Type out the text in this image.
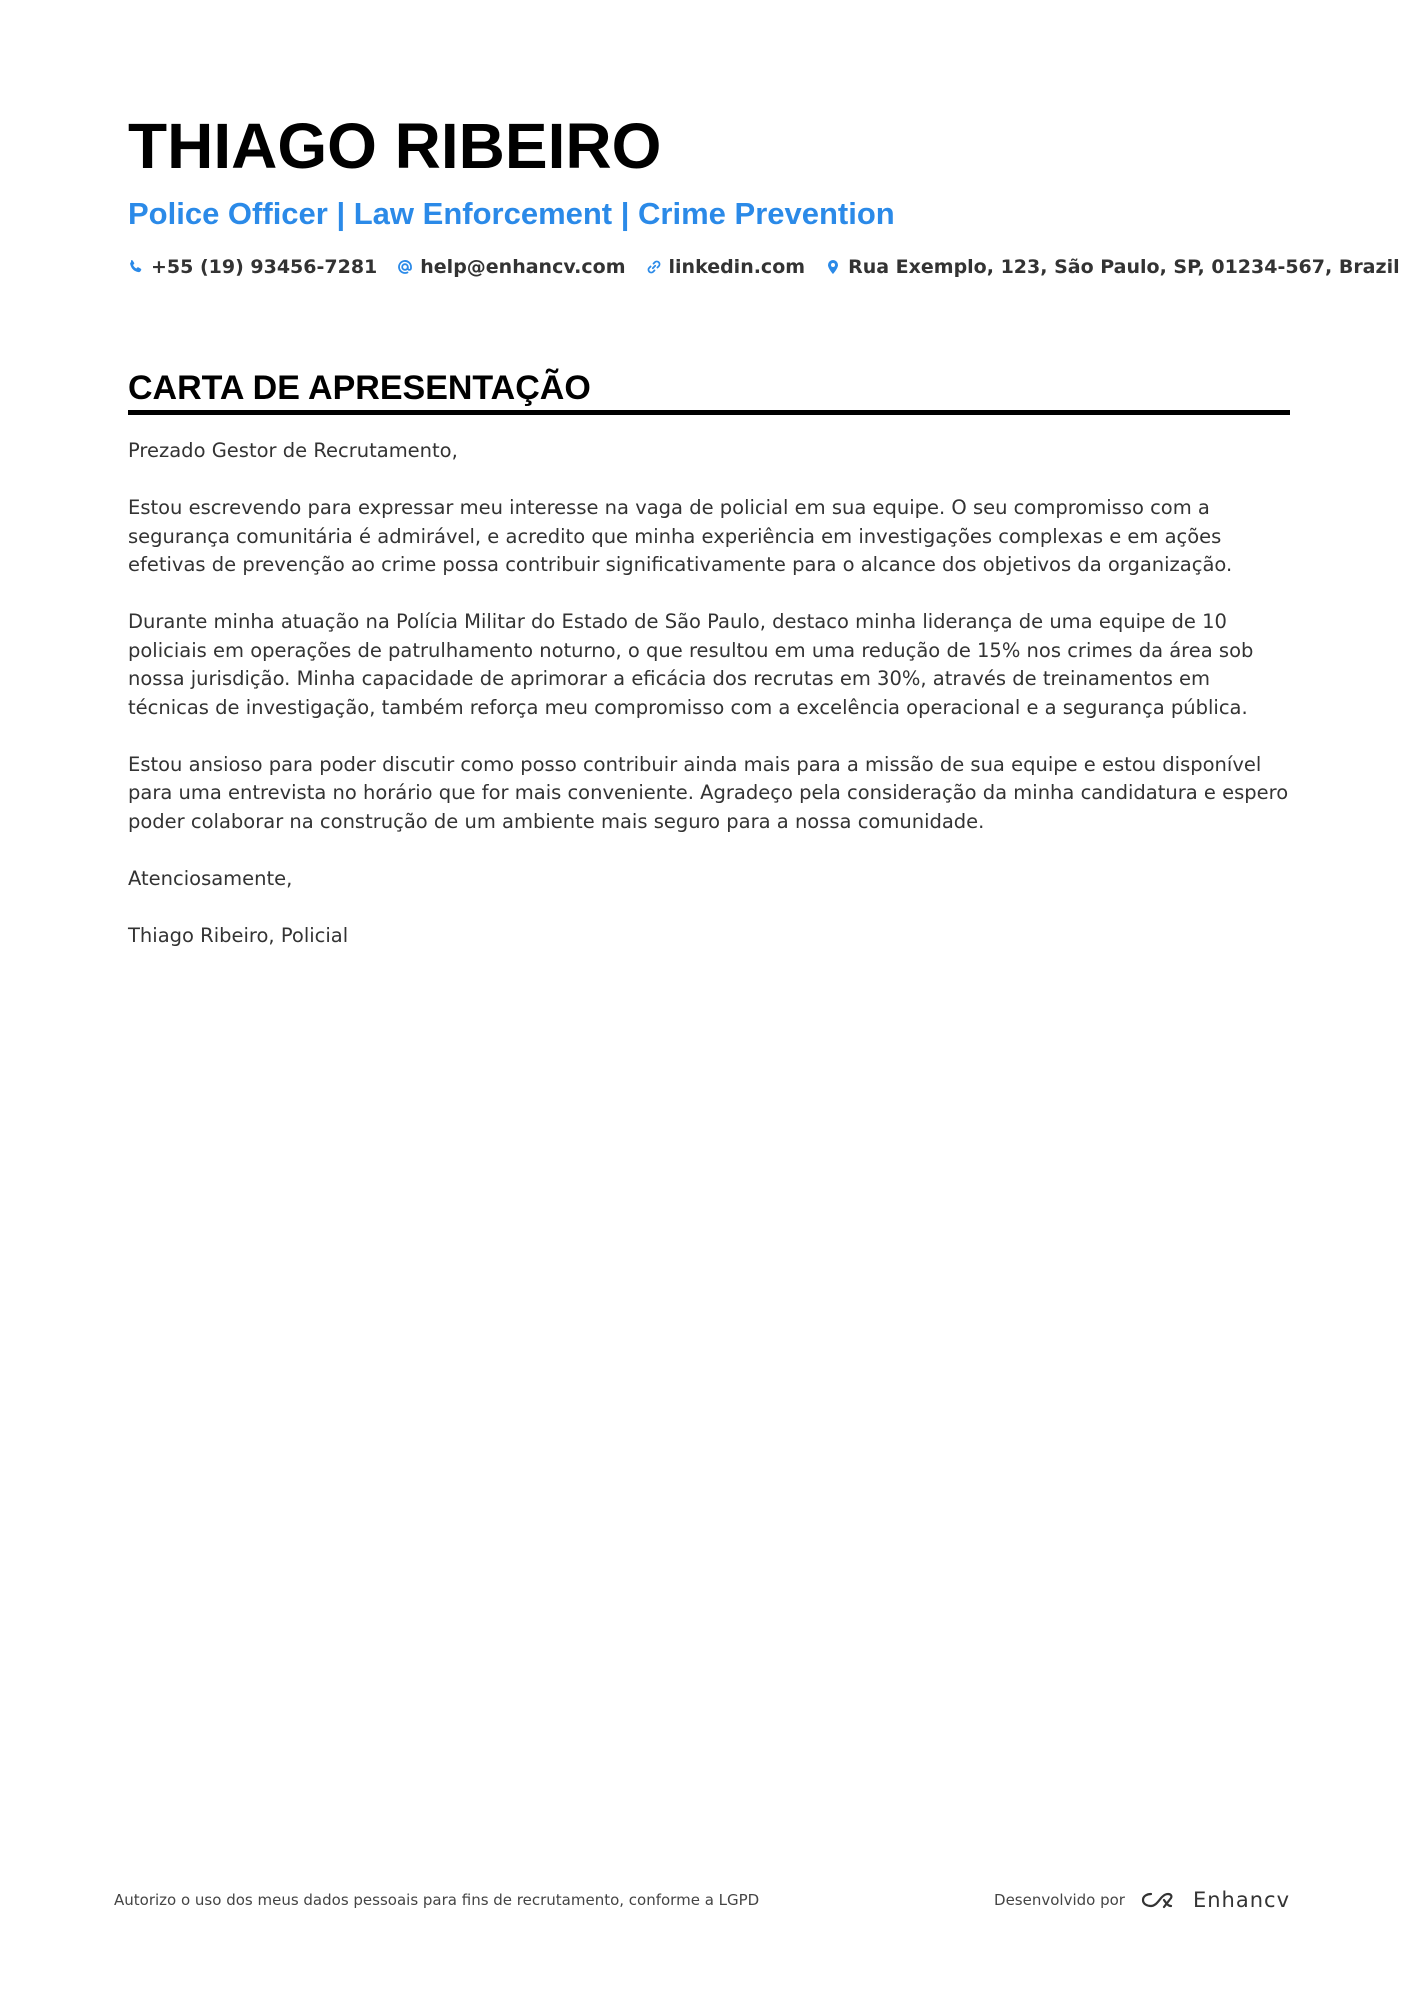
THIAGO RIBEIRO
Police Officer | Law Enforcement | Crime Prevention
+55 (19) 93456-7281 help@enhancv.com linkedin.com Rua Exemplo, 123, São Paulo, SP, 01234-567, Brazil
CARTA DE APRESENTAÇÃO

Prezado Gestor de Recrutamento,

Estou escrevendo para expressar meu interesse na vaga de policial em sua equipe. O seu compromisso com a segurança comunitária é admirável, e acredito que minha experiência em investigações complexas e em ações efetivas de prevenção ao crime possa contribuir significativamente para o alcance dos objetivos da organização.

Durante minha atuação na Polícia Militar do Estado de São Paulo, destaco minha liderança de uma equipe de 10 policiais em operações de patrulhamento noturno, o que resultou em uma redução de 15% nos crimes da área sob nossa jurisdição. Minha capacidade de aprimorar a eficácia dos recrutas em 30%, através de treinamentos em técnicas de investigação, também reforça meu compromisso com a excelência operacional e a segurança pública.

Estou ansioso para poder discutir como posso contribuir ainda mais para a missão de sua equipe e estou disponível para uma entrevista no horário que for mais conveniente. Agradeço pela consideração da minha candidatura e espero poder colaborar na construção de um ambiente mais seguro para a nossa comunidade.

Atenciosamente,

Thiago Ribeiro, Policial

Autorizo o uso dos meus dados pessoais para fins de recrutamento, conforme a LGPD	Desenvolvido por	Enhancv
